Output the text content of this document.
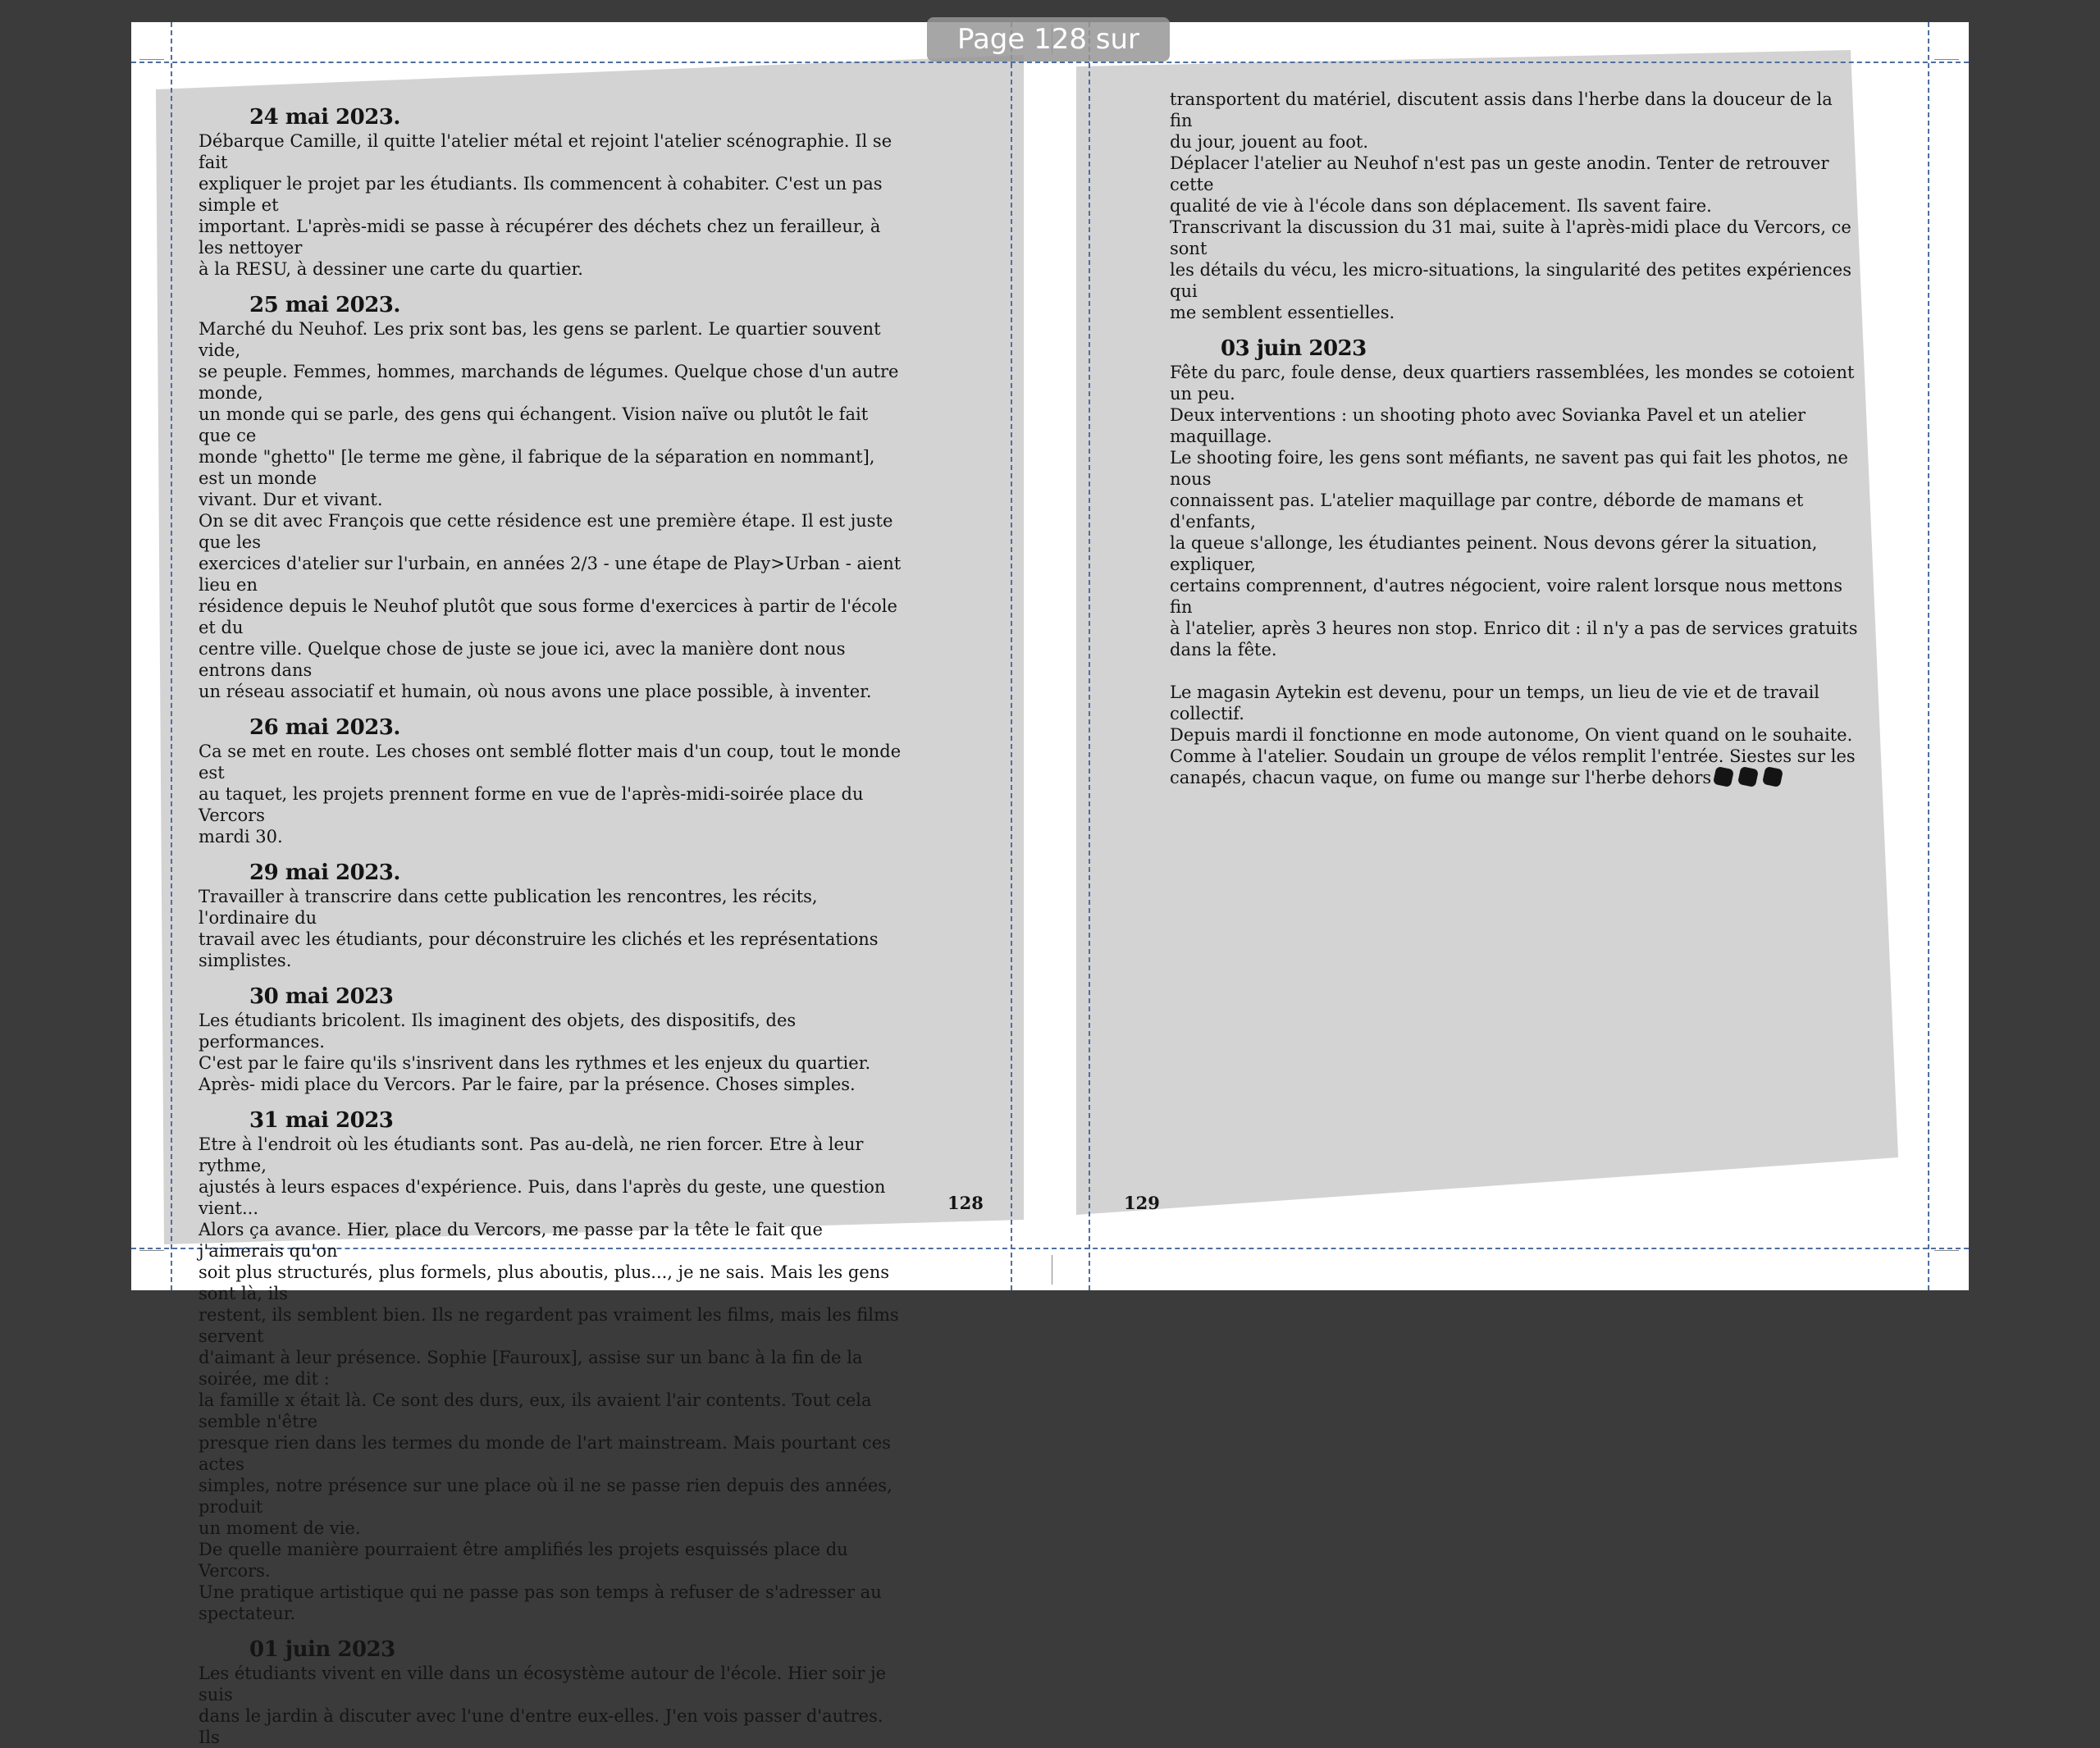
Page 128 sur 180
24 mai 2023.

Débarque Camille, il quitte l'atelier métal et rejoint l'atelier scénographie. Il se fait
expliquer le projet par les étudiants. Ils commencent à cohabiter. C'est un pas simple et
important. L'après-midi se passe à récupérer des déchets chez un ferailleur, à les nettoyer
à la RESU, à dessiner une carte du quartier.

25 mai 2023.

Marché du Neuhof. Les prix sont bas, les gens se parlent. Le quartier souvent vide,
se peuple. Femmes, hommes, marchands de légumes. Quelque chose d'un autre monde,
un monde qui se parle, des gens qui échangent. Vision naïve ou plutôt le fait que ce
monde "ghetto" [le terme me gène, il fabrique de la séparation en nommant], est un monde
vivant. Dur et vivant.

On se dit avec François que cette résidence est une première étape. Il est juste que les
exercices d'atelier sur l'urbain, en années 2/3 - une étape de Play>Urban - aient lieu en
résidence depuis le Neuhof plutôt que sous forme d'exercices à partir de l'école et du
centre ville. Quelque chose de juste se joue ici, avec la manière dont nous entrons dans
un réseau associatif et humain, où nous avons une place possible, à inventer.

26 mai 2023.

Ca se met en route. Les choses ont semblé flotter mais d'un coup, tout le monde est
au taquet, les projets prennent forme en vue de l'après-midi-soirée place du Vercors
mardi 30.

29 mai 2023.

Travailler à transcrire dans cette publication les rencontres, les récits, l'ordinaire du
travail avec les étudiants, pour déconstruire les clichés et les représentations
simplistes.

30 mai 2023

Les étudiants bricolent. Ils imaginent des objets, des dispositifs, des performances.
C'est par le faire qu'ils s'insrivent dans les rythmes et les enjeux du quartier.
Après- midi place du Vercors. Par le faire, par la présence. Choses simples.

31 mai 2023

Etre à l'endroit où les étudiants sont. Pas au-delà, ne rien forcer. Etre à leur rythme,
ajustés à leurs espaces d'expérience. Puis, dans l'après du geste, une question vient...
Alors ça avance. Hier, place du Vercors, me passe par la tête le fait que j'aimerais qu'on
soit plus structurés, plus formels, plus aboutis, plus..., je ne sais. Mais les gens sont là, ils
restent, ils semblent bien. Ils ne regardent pas vraiment les films, mais les films servent
d'aimant à leur présence. Sophie [Fauroux], assise sur un banc à la fin de la soirée, me dit :
la famille x était là. Ce sont des durs, eux, ils avaient l'air contents. Tout cela semble n'être
presque rien dans les termes du monde de l'art mainstream. Mais pourtant ces actes
simples, notre présence sur une place où il ne se passe rien depuis des années, produit
un moment de vie.

De quelle manière pourraient être amplifiés les projets esquissés place du Vercors.
Une pratique artistique qui ne passe pas son temps à refuser de s'adresser au
spectateur.

01 juin 2023

Les étudiants vivent en ville dans un écosystème autour de l'école. Hier soir je suis
dans le jardin à discuter avec l'une d'entre eux-elles. J'en vois passer d'autres. Ils

transportent du matériel, discutent assis dans l'herbe dans la douceur de la fin
du jour, jouent au foot.

Déplacer l'atelier au Neuhof n'est pas un geste anodin. Tenter de retrouver cette
qualité de vie à l'école dans son déplacement. Ils savent faire.

Transcrivant la discussion du 31 mai, suite à l'après-midi place du Vercors, ce sont
les détails du vécu, les micro-situations, la singularité des petites expériences qui
me semblent essentielles.

03 juin 2023

Fête du parc, foule dense, deux quartiers rassemblées, les mondes se cotoient un peu.
Deux interventions : un shooting photo avec Sovianka Pavel et un atelier maquillage.
Le shooting foire, les gens sont méfiants, ne savent pas qui fait les photos, ne nous
connaissent pas. L'atelier maquillage par contre, déborde de mamans et d'enfants,
la queue s'allonge, les étudiantes peinent. Nous devons gérer la situation, expliquer,
certains comprennent, d'autres négocient, voire ralent lorsque nous mettons fin
à l'atelier, après 3 heures non stop. Enrico dit : il n'y a pas de services gratuits
dans la fête.

Le magasin Aytekin est devenu, pour un temps, un lieu de vie et de travail collectif.
Depuis mardi il fonctionne en mode autonome, On vient quand on le souhaite.
Comme à l'atelier. Soudain un groupe de vélos remplit l'entrée. Siestes sur les
canapés, chacun vaque, on fume ou mange sur l'herbe dehors

128	129
